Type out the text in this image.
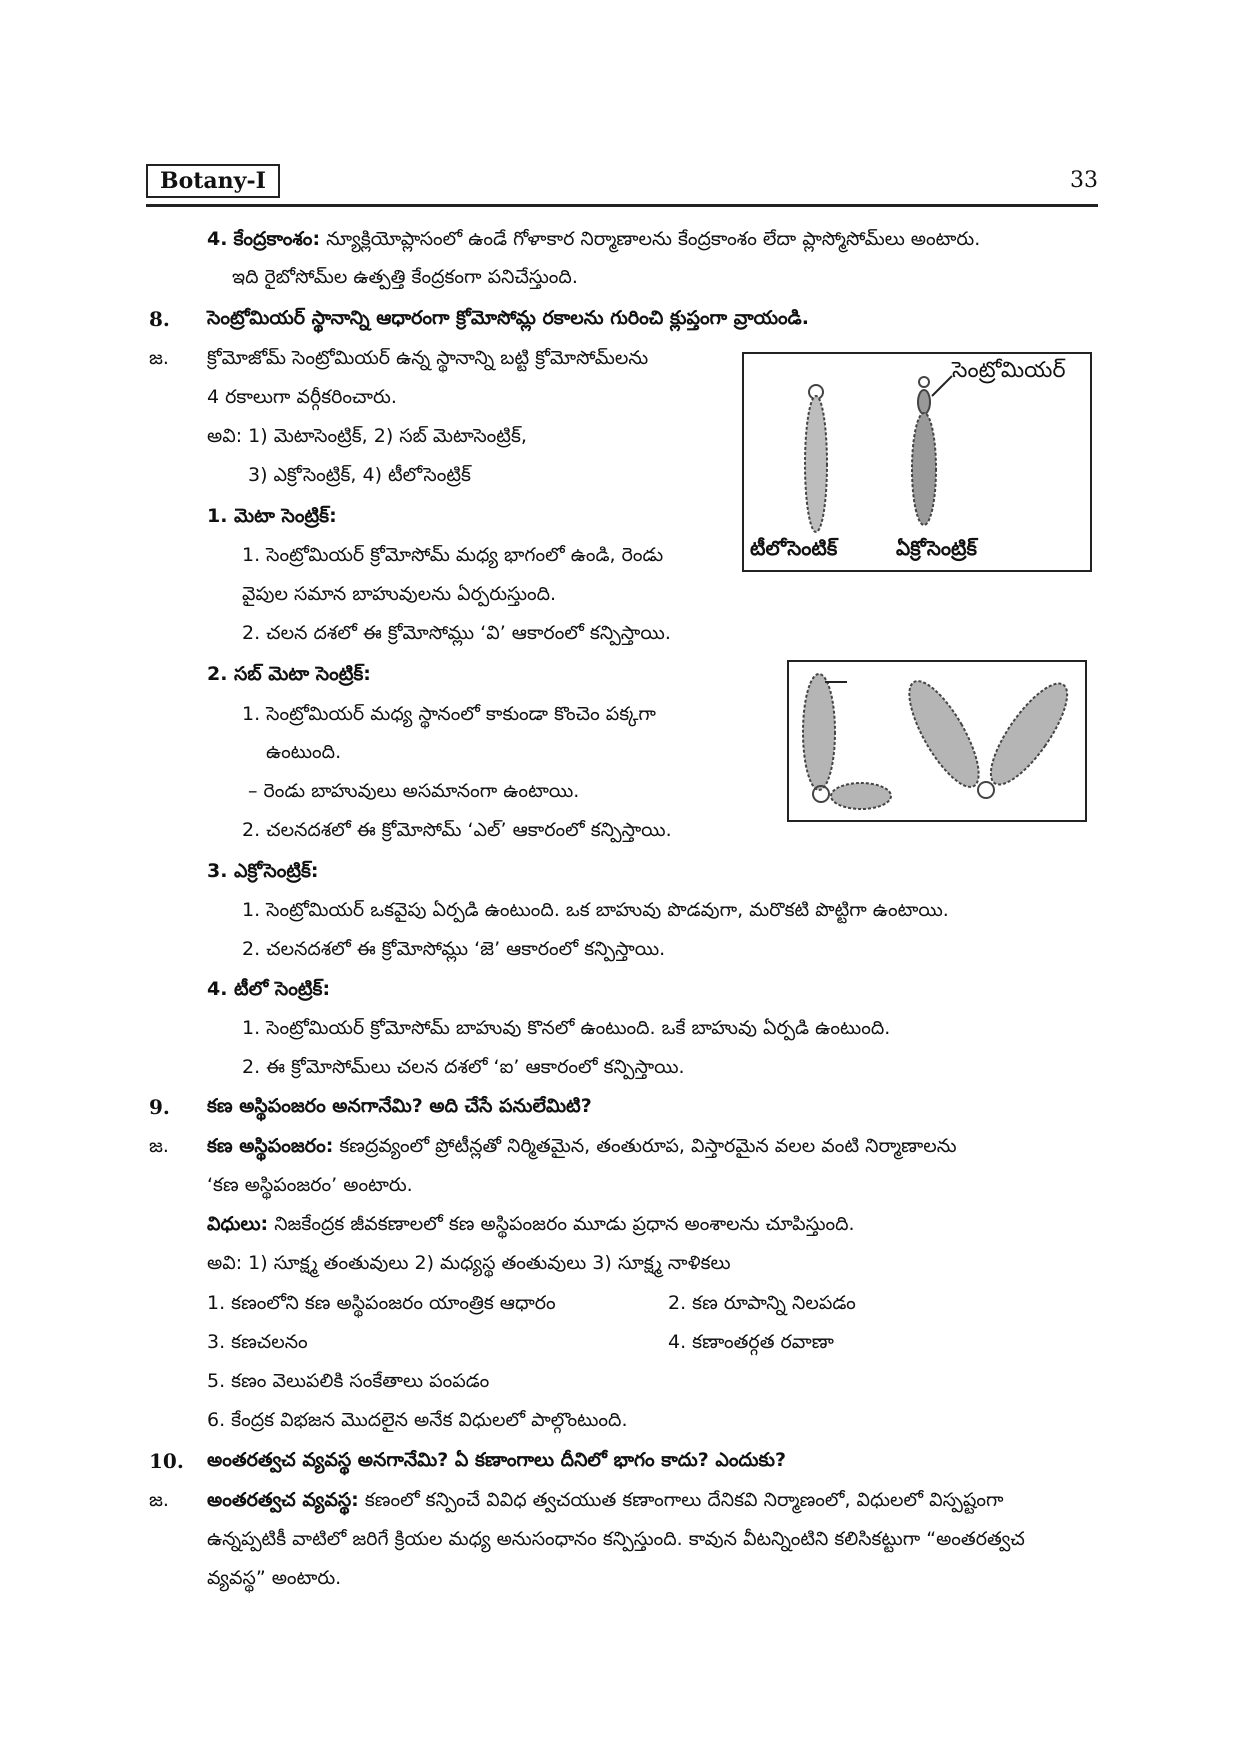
Botany-I	33
4. కేంద్రకాంశం: న్యూక్లియోప్లాసంలో ఉండే గోళాకార నిర్మాణాలను కేంద్రకాంశం లేదా ప్లాస్మోసోమ్‌లు అంటారు.
ఇది రైబోసోమ్‌ల ఉత్పత్తి కేంద్రకంగా పనిచేస్తుంది.
8. సెంట్రోమియర్ స్థానాన్ని ఆధారంగా క్రోమోసోమ్ల రకాలను గురించి క్లుప్తంగా వ్రాయండి.
జ. క్రోమోజోమ్ సెంట్రోమియర్ ఉన్న స్థానాన్ని బట్టి క్రోమోసోమ్‌లను
4 రకాలుగా వర్గీకరించారు.
అవి: 1) మెటాసెంట్రిక్, 2) సబ్ మెటాసెంట్రిక్,
3) ఎక్రోసెంట్రిక్, 4) టీలోసెంట్రిక్
1. మెటా సెంట్రిక్:
1. సెంట్రోమియర్ క్రోమోసోమ్ మధ్య భాగంలో ఉండి, రెండు
వైపుల సమాన బాహువులను ఏర్పరుస్తుంది.
2. చలన దశలో ఈ క్రోమోసోమ్లు ‘వి’ ఆకారంలో కన్పిస్తాయి.
సెంట్రోమియర్
టీలోసెంటిక్	ఏక్రోసెంట్రిక్
2. సబ్ మెటా సెంట్రిక్:
1. సెంట్రోమియర్ మధ్య స్థానంలో కాకుండా కొంచెం పక్కగా
ఉంటుంది.
– రెండు బాహువులు అసమానంగా ఉంటాయి.
2. చలనదశలో ఈ క్రోమోసోమ్ ‘ఎల్’ ఆకారంలో కన్పిస్తాయి.
3. ఎక్రోసెంట్రిక్:
1. సెంట్రోమియర్ ఒకవైపు ఏర్పడి ఉంటుంది. ఒక బాహువు పొడవుగా, మరొకటి పొట్టిగా ఉంటాయి.
2. చలనదశలో ఈ క్రోమోసోమ్లు ‘జె’ ఆకారంలో కన్పిస్తాయి.
4. టీలో సెంట్రిక్:
1. సెంట్రోమియర్ క్రోమోసోమ్ బాహువు కొనలో ఉంటుంది. ఒకే బాహువు ఏర్పడి ఉంటుంది.
2. ఈ క్రోమోసోమ్‌లు చలన దశలో ‘ఐ’ ఆకారంలో కన్పిస్తాయి.
9. కణ అస్థిపంజరం అనగానేమి? అది చేసే పనులేమిటి?
జ. కణ అస్థిపంజరం: కణద్రవ్యంలో ప్రోటీన్లతో నిర్మితమైన, తంతురూప, విస్తారమైన వలల వంటి నిర్మాణాలను
‘కణ అస్థిపంజరం’ అంటారు.
విధులు: నిజకేంద్రక జీవకణాలలో కణ అస్థిపంజరం మూడు ప్రధాన అంశాలను చూపిస్తుంది.
అవి: 1) సూక్ష్మ తంతువులు 2) మధ్యస్థ తంతువులు 3) సూక్ష్మ నాళికలు
1. కణంలోని కణ అస్థిపంజరం యాంత్రిక ఆధారం	2. కణ రూపాన్ని నిలపడం
3. కణచలనం	4. కణాంతర్గత రవాణా
5. కణం వెలుపలికి సంకేతాలు పంపడం
6. కేంద్రక విభజన మొదలైన అనేక విధులలో పాల్గొంటుంది.
10. అంతరత్వచ వ్యవస్థ అనగానేమి? ఏ కణాంగాలు దీనిలో భాగం కాదు? ఎందుకు?
జ. అంతరత్వచ వ్యవస్థ: కణంలో కన్పించే వివిధ త్వచయుత కణాంగాలు దేనికవి నిర్మాణంలో, విధులలో విస్పష్టంగా
ఉన్నప్పటికీ వాటిలో జరిగే క్రియల మధ్య అనుసంధానం కన్పిస్తుంది. కావున వీటన్నింటిని కలిసికట్టుగా “అంతరత్వచ
వ్యవస్థ” అంటారు.
